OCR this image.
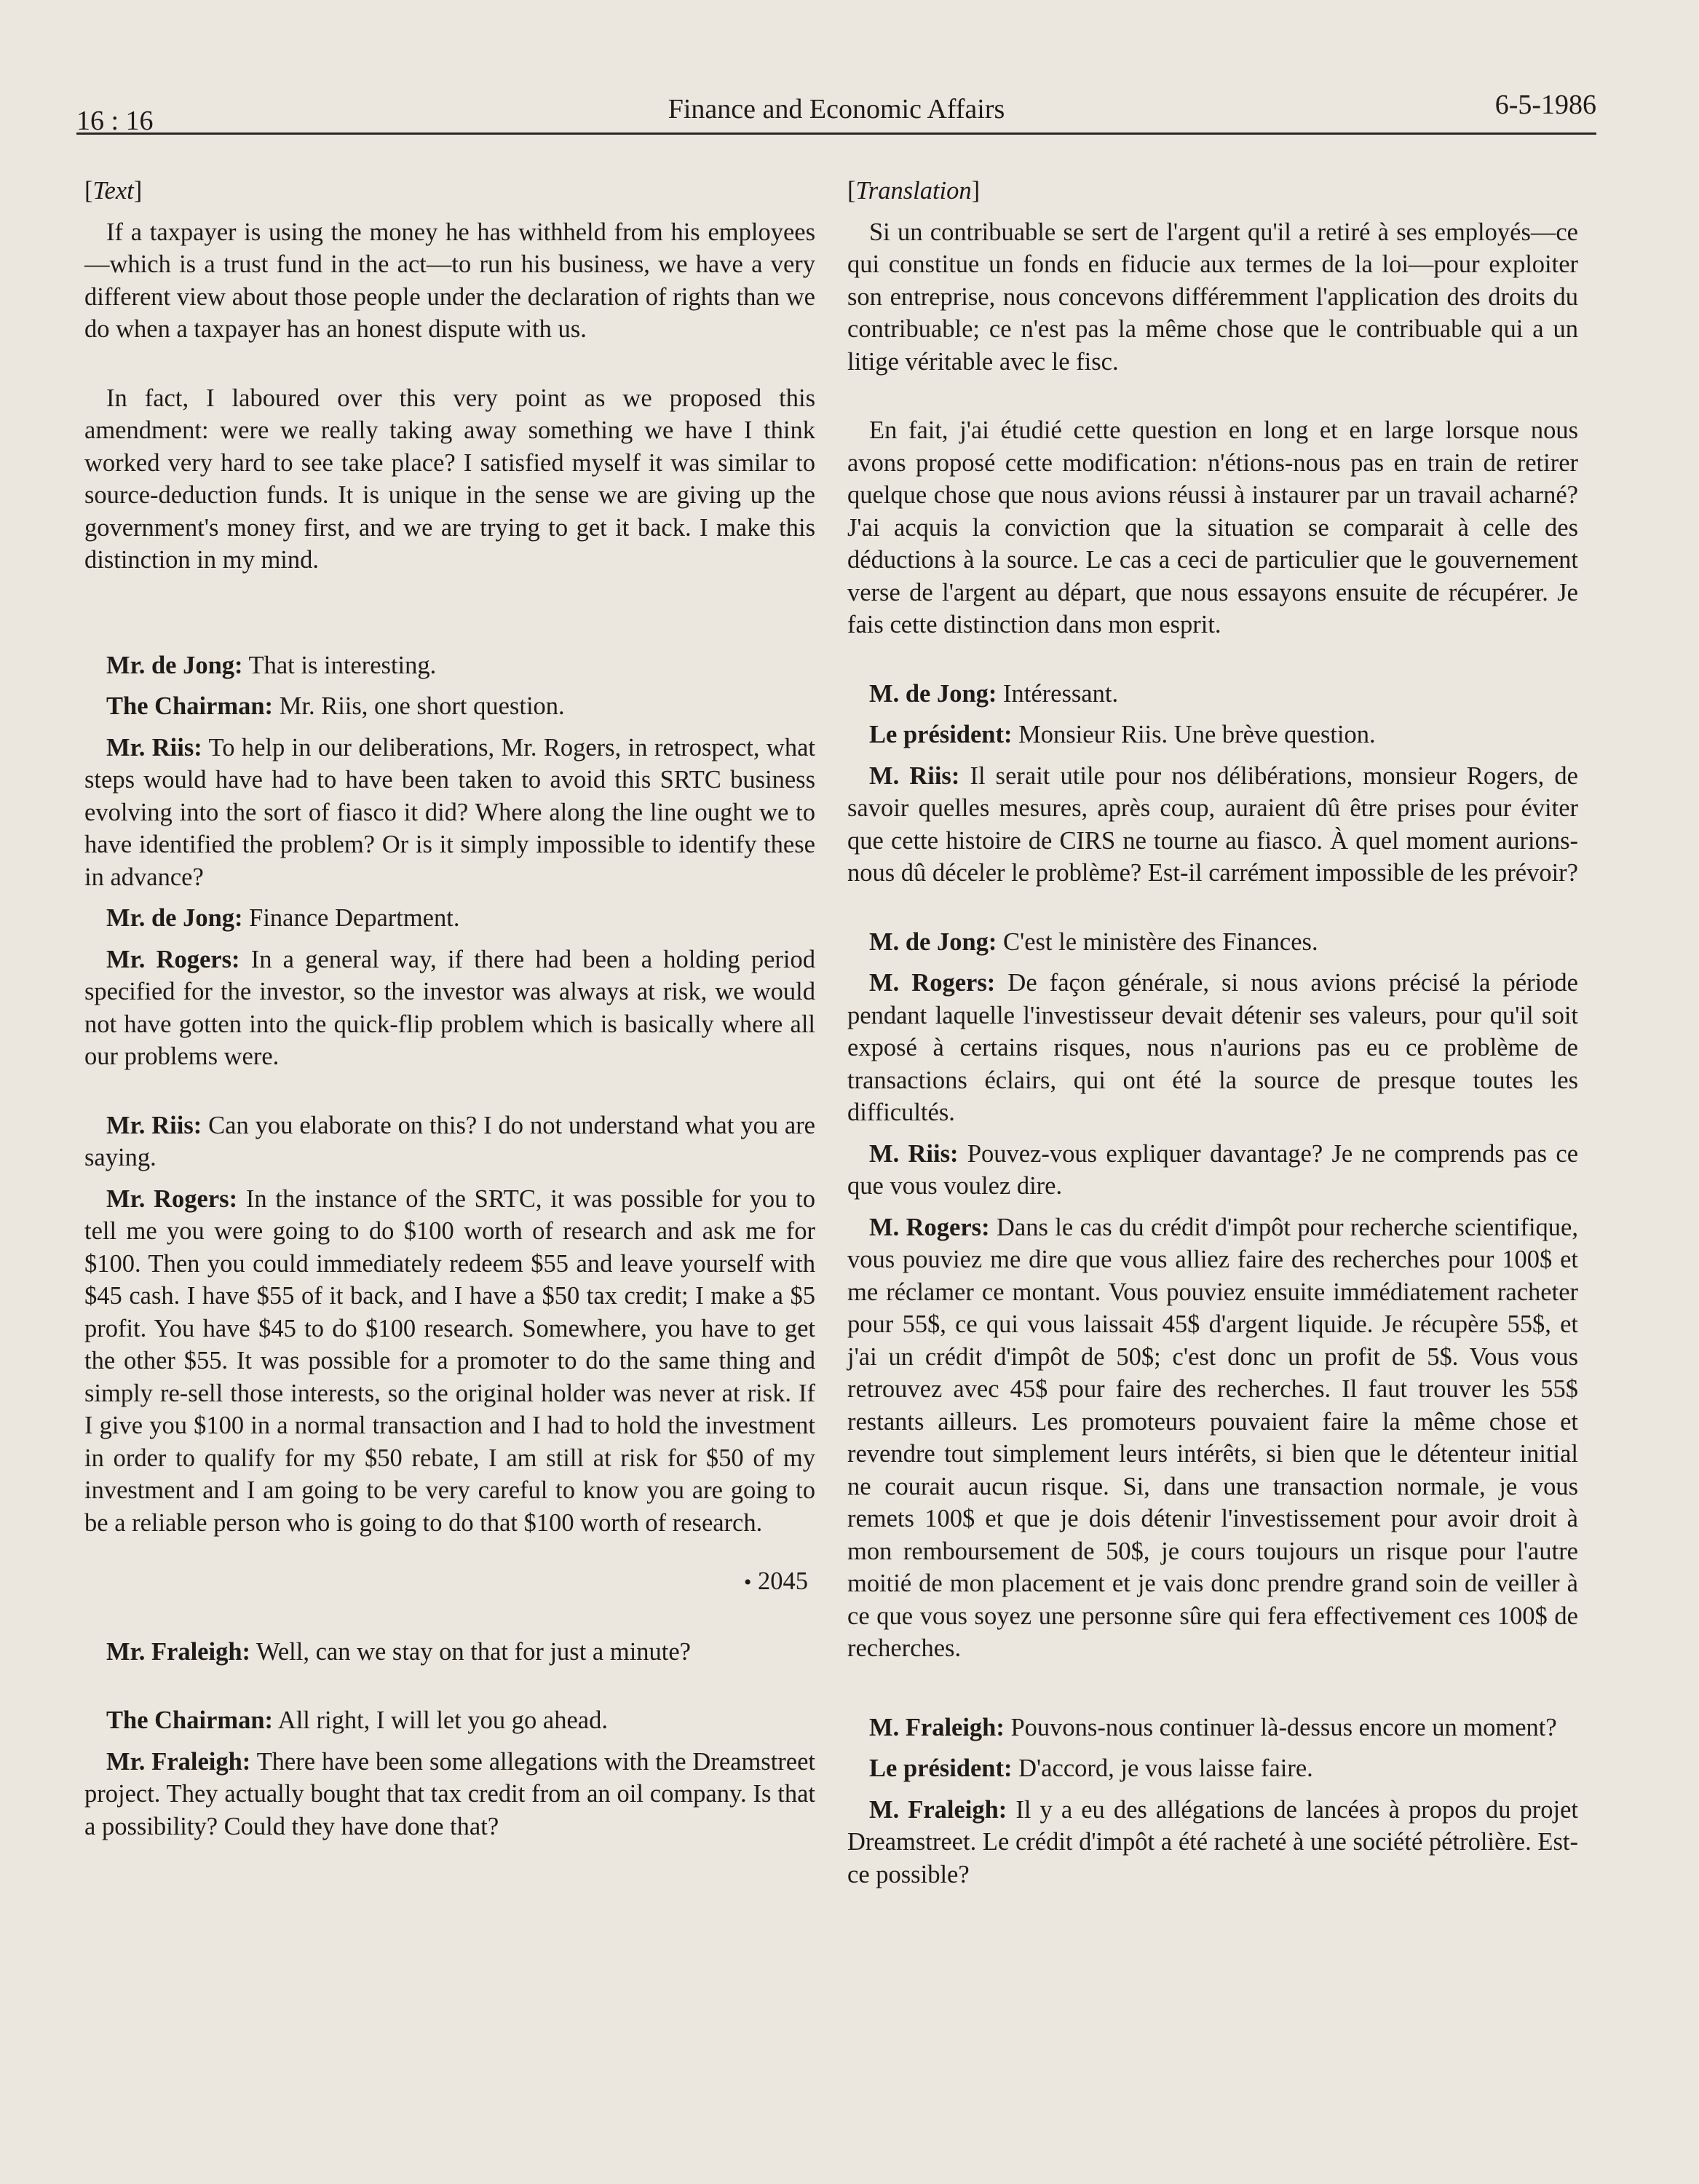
16 : 16	Finance and Economic Affairs	6-5-1986

[ Text ]

If a taxpayer is using the money he has withheld from his employees—which is a trust fund in the act—to run his business, we have a very different view about those people under the declaration of rights than we do when a taxpayer has an honest dispute with us.

In fact, I laboured over this very point as we proposed this amendment: were we really taking away something we have I think worked very hard to see take place? I satisfied myself it was similar to source-deduction funds. It is unique in the sense we are giving up the government's money first, and we are trying to get it back. I make this distinction in my mind.

Mr. de Jong: That is interesting.

The Chairman: Mr. Riis, one short question.

Mr. Riis: To help in our deliberations, Mr. Rogers, in retrospect, what steps would have had to have been taken to avoid this SRTC business evolving into the sort of fiasco it did? Where along the line ought we to have identified the problem? Or is it simply impossible to identify these in advance?

Mr. de Jong: Finance Department.

Mr. Rogers: In a general way, if there had been a holding period specified for the investor, so the investor was always at risk, we would not have gotten into the quick-flip problem which is basically where all our problems were.

Mr. Riis: Can you elaborate on this? I do not understand what you are saying.

Mr. Rogers: In the instance of the SRTC, it was possible for you to tell me you were going to do $100 worth of research and ask me for $100. Then you could immediately redeem $55 and leave yourself with $45 cash. I have $55 of it back, and I have a $50 tax credit; I make a $5 profit. You have $45 to do $100 research. Somewhere, you have to get the other $55. It was possible for a promoter to do the same thing and simply re-sell those interests, so the original holder was never at risk. If I give you $100 in a normal transaction and I had to hold the investment in order to qualify for my $50 rebate, I am still at risk for $50 of my investment and I am going to be very careful to know you are going to be a reliable person who is going to do that $100 worth of research.

• 2045

Mr. Fraleigh: Well, can we stay on that for just a minute?

The Chairman: All right, I will let you go ahead.

Mr. Fraleigh: There have been some allegations with the Dreamstreet project. They actually bought that tax credit from an oil company. Is that a possibility? Could they have done that?

[ Translation ]

Si un contribuable se sert de l'argent qu'il a retiré à ses employés—ce qui constitue un fonds en fiducie aux termes de la loi—pour exploiter son entreprise, nous concevons différemment l'application des droits du contribuable; ce n'est pas la même chose que le contribuable qui a un litige véritable avec le fisc.

En fait, j'ai étudié cette question en long et en large lorsque nous avons proposé cette modification: n'étions-nous pas en train de retirer quelque chose que nous avions réussi à instaurer par un travail acharné? J'ai acquis la conviction que la situation se comparait à celle des déductions à la source. Le cas a ceci de particulier que le gouvernement verse de l'argent au départ, que nous essayons ensuite de récupérer. Je fais cette distinction dans mon esprit.

M. de Jong: Intéressant.

Le président: Monsieur Riis. Une brève question.

M. Riis: Il serait utile pour nos délibérations, monsieur Rogers, de savoir quelles mesures, après coup, auraient dû être prises pour éviter que cette histoire de CIRS ne tourne au fiasco. À quel moment aurions-nous dû déceler le problème? Est-il carrément impossible de les prévoir?

M. de Jong: C'est le ministère des Finances.

M. Rogers: De façon générale, si nous avions précisé la période pendant laquelle l'investisseur devait détenir ses valeurs, pour qu'il soit exposé à certains risques, nous n'aurions pas eu ce problème de transactions éclairs, qui ont été la source de presque toutes les difficultés.

M. Riis: Pouvez-vous expliquer davantage? Je ne comprends pas ce que vous voulez dire.

M. Rogers: Dans le cas du crédit d'impôt pour recherche scientifique, vous pouviez me dire que vous alliez faire des recherches pour 100$ et me réclamer ce montant. Vous pouviez ensuite immédiatement racheter pour 55$, ce qui vous laissait 45$ d'argent liquide. Je récupère 55$, et j'ai un crédit d'impôt de 50$; c'est donc un profit de 5$. Vous vous retrouvez avec 45$ pour faire des recherches. Il faut trouver les 55$ restants ailleurs. Les promoteurs pouvaient faire la même chose et revendre tout simplement leurs intérêts, si bien que le détenteur initial ne courait aucun risque. Si, dans une transaction normale, je vous remets 100$ et que je dois détenir l'investissement pour avoir droit à mon remboursement de 50$, je cours toujours un risque pour l'autre moitié de mon placement et je vais donc prendre grand soin de veiller à ce que vous soyez une personne sûre qui fera effectivement ces 100$ de recherches.

M. Fraleigh: Pouvons-nous continuer là-dessus encore un moment?

Le président: D'accord, je vous laisse faire.

M. Fraleigh: Il y a eu des allégations de lancées à propos du projet Dreamstreet. Le crédit d'impôt a été racheté à une société pétrolière. Est-ce possible?
